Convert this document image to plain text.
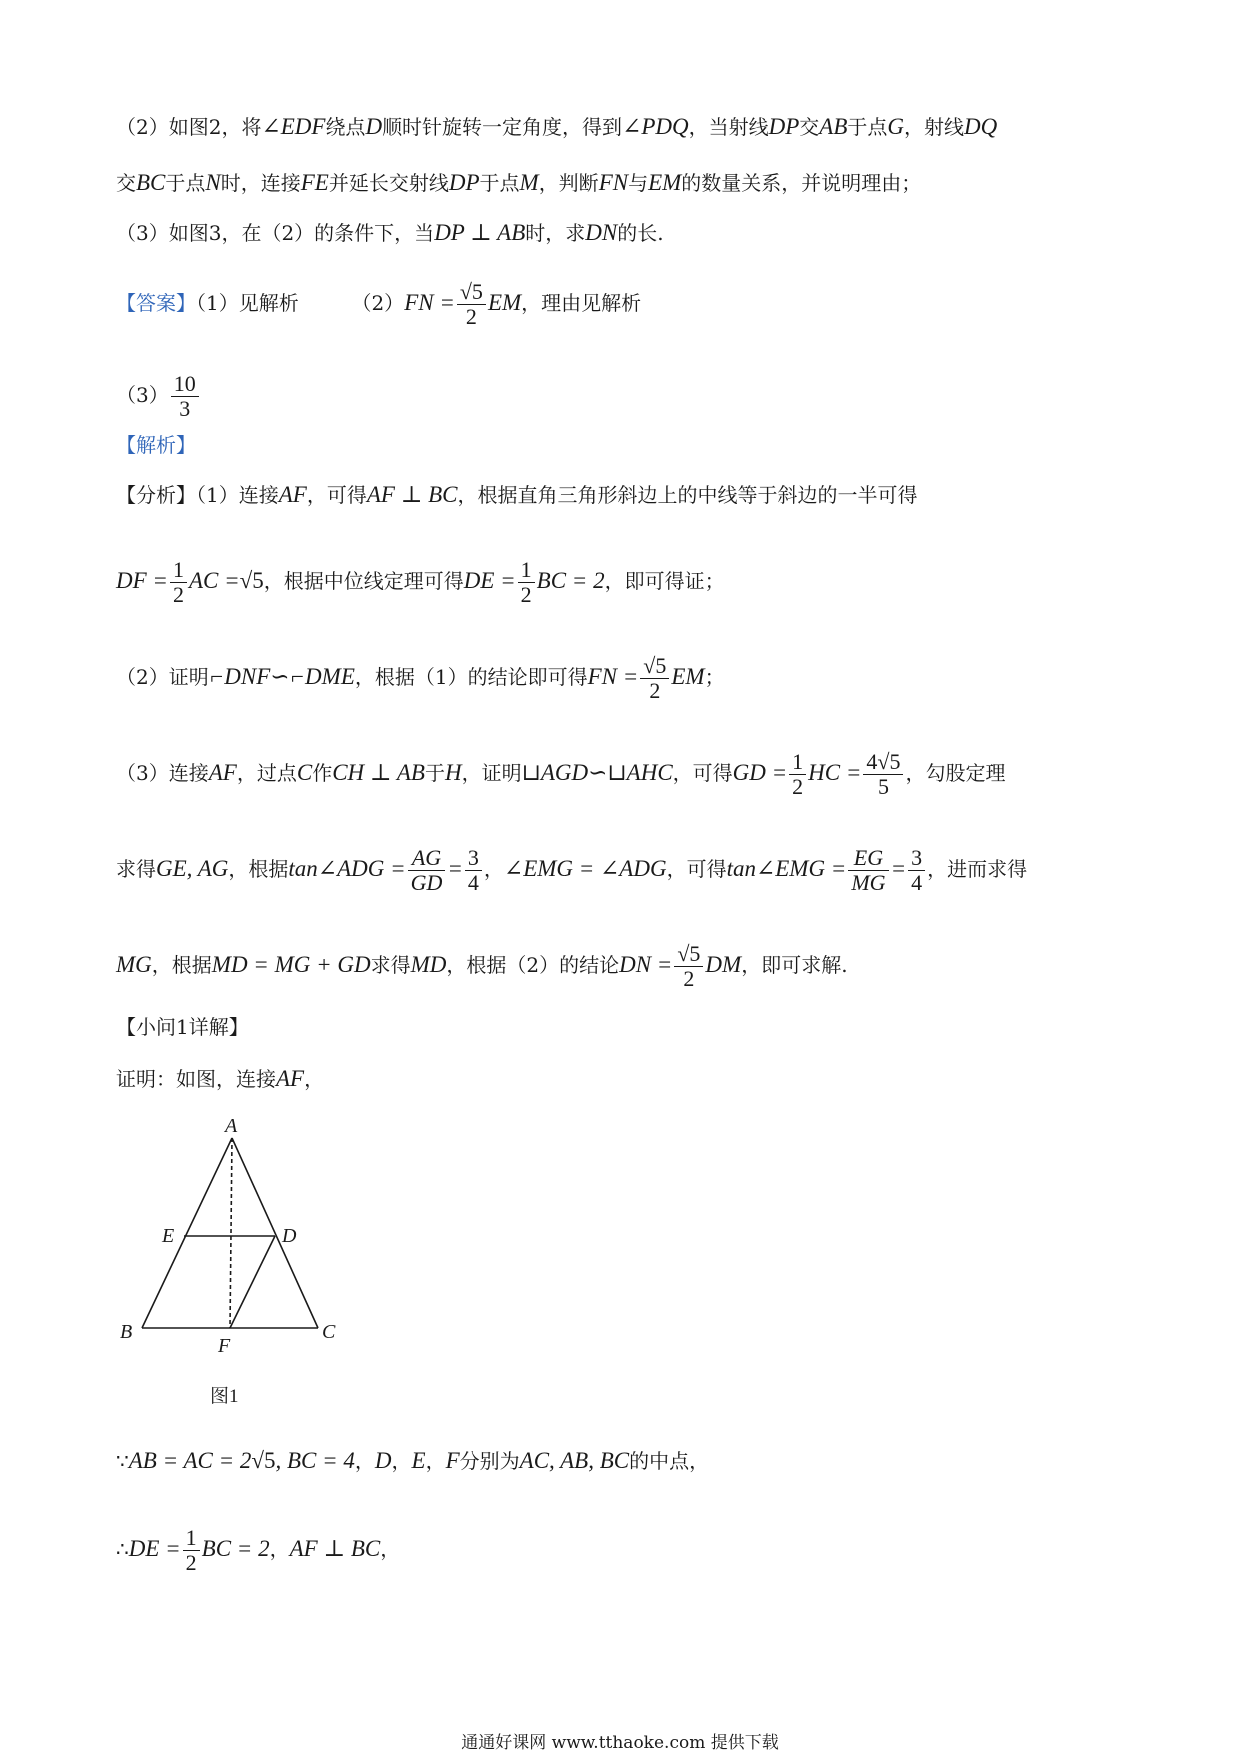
（2）如图2，将∠EDF绕点D顺时针旋转一定角度，得到∠PDQ，当射线DP交AB于点G，射线DQ
交BC于点N时，连接FE并延长交射线DP于点M，判断FN与EM的数量关系，并说明理由；
（3）如图3，在（2）的条件下，当DP ⊥ AB时，求DN的长.
【答案】（1）见解析	$(2)FN = \frac{√5}{2}$ EM，理由见解析
$(3) \frac{10}{3}$
【解析】
【分析】（1）连接AF，可得AF ⊥ BC，根据直角三角形斜边上的中线等于斜边的一半可得
DF = $\frac{1}{2}$ AC =√5，根据中位线定理可得DE = $\frac{1}{2}$ BC = 2，即可得证；
（2）证明⌐DNF∽⌐DME，根据（1）的结论即可得FN = $\frac{√5}{2}$ EM；
（3）连接AF，过点C作CH ⊥ AB于H，证明⊔AGD∽⊔AHC，可得GD = $\frac{1}{2}$ HC = $\frac{4√5}{5}$ ，勾股定理
求得GE, AG，根据tan∠ADG = $\frac{AG}{GD} = \frac{3}{4}$ ，∠EMG = ∠ADG，可得tan∠EMG = $\frac{EG}{MG} = \frac{3}{4}$ ，进而求得
MG，根据MD = MG + GD求得MD，根据（2）的结论DN = $\frac{√5}{2}$ DM，即可求解.
【小问1详解】
证明：如图，连接AF，
A
E	D
B
F
C
图1
∵AB = AC = 2√5, BC = 4，D，E，F分别为AC, AB, BC的中点，
∴DE = $\frac{1}{2}$ BC = 2，AF ⊥ BC，
通通好课网 www.tthaoke.com 提供下载
